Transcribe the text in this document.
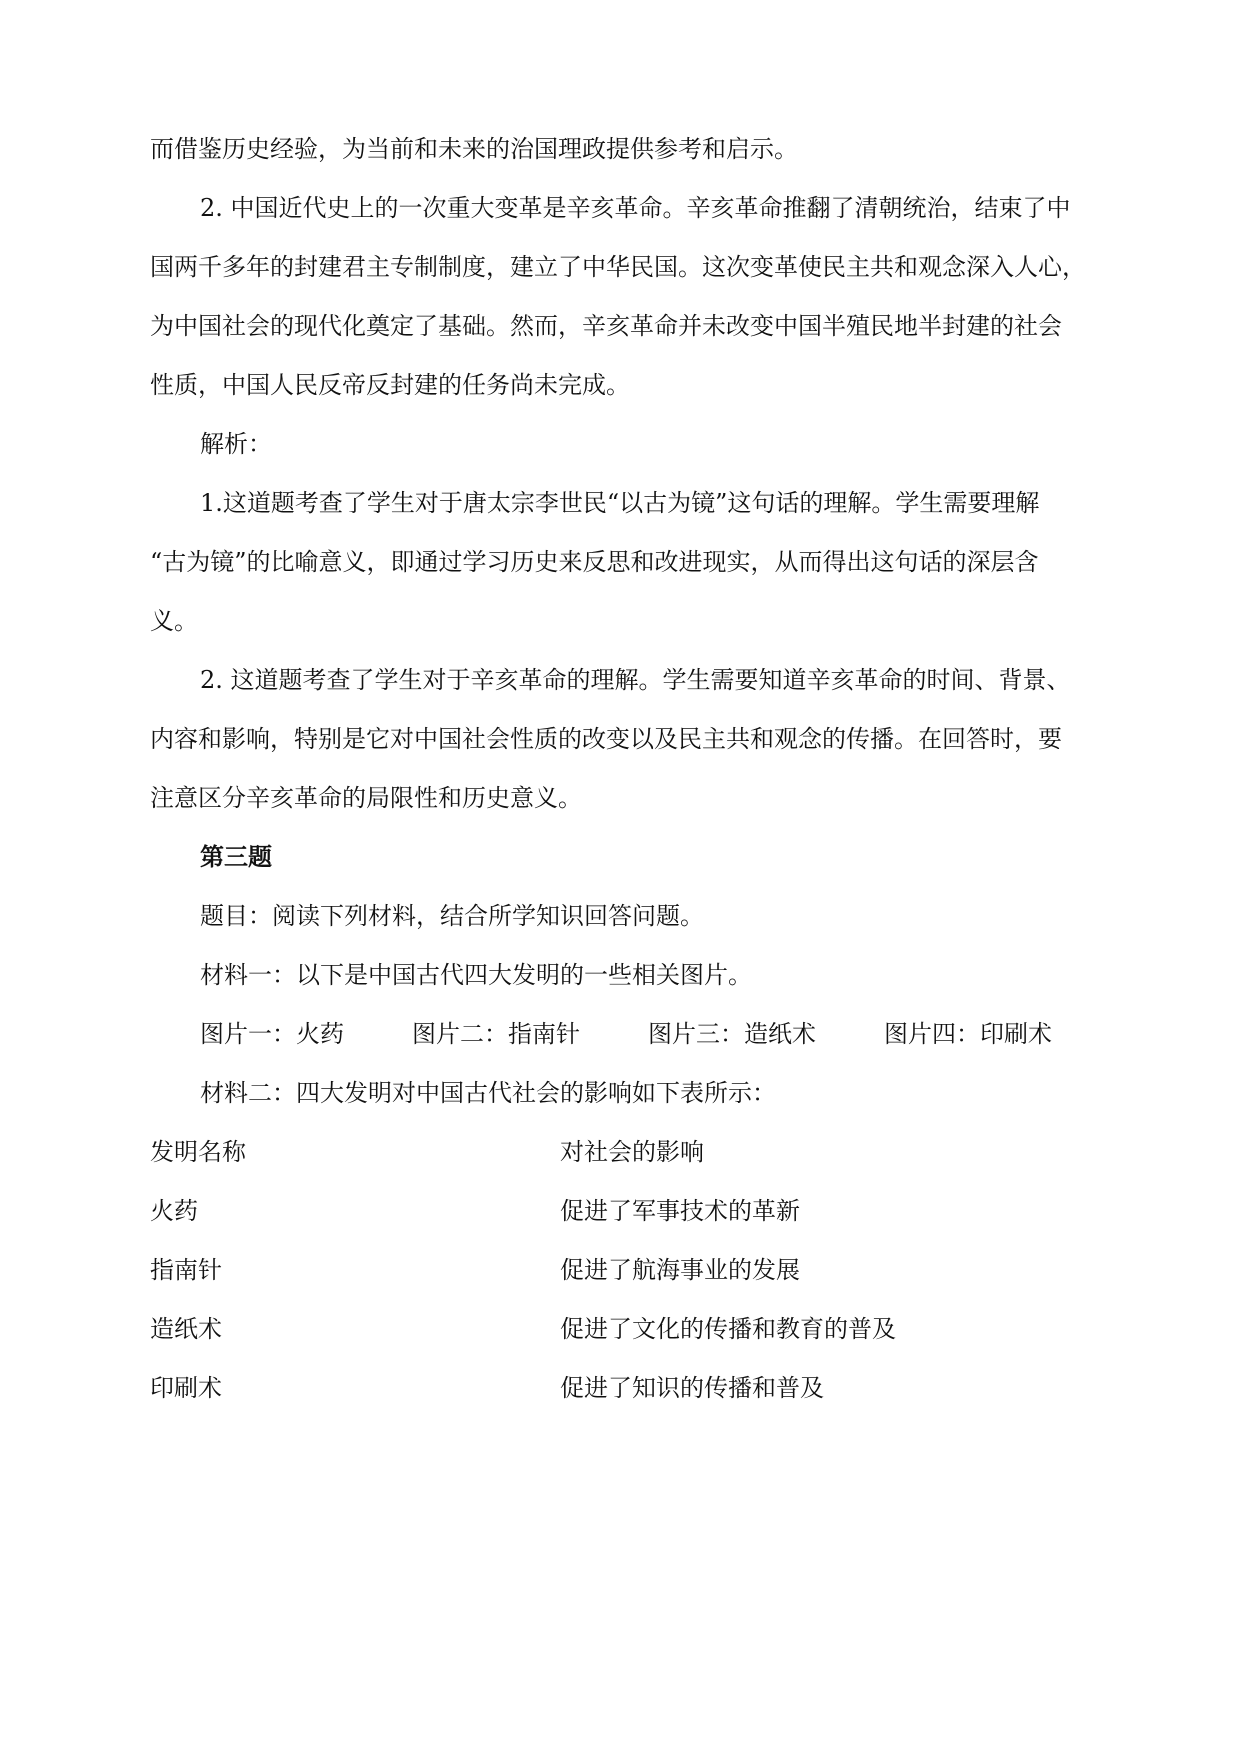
而借鉴历史经验，为当前和未来的治国理政提供参考和启示。
2. 中国近代史上的一次重大变革是辛亥革命。辛亥革命推翻了清朝统治，结束了中
国两千多年的封建君主专制制度，建立了中华民国。这次变革使民主共和观念深入人心，
为中国社会的现代化奠定了基础。然而，辛亥革命并未改变中国半殖民地半封建的社会
性质，中国人民反帝反封建的任务尚未完成。
解析：
1.这道题考查了学生对于唐太宗李世民“以古为镜”这句话的理解。学生需要理解
“古为镜”的比喻意义，即通过学习历史来反思和改进现实，从而得出这句话的深层含
义。
2. 这道题考查了学生对于辛亥革命的理解。学生需要知道辛亥革命的时间、背景、
内容和影响，特别是它对中国社会性质的改变以及民主共和观念的传播。在回答时，要
注意区分辛亥革命的局限性和历史意义。
第三题
题目：阅读下列材料，结合所学知识回答问题。
材料一：以下是中国古代四大发明的一些相关图片。
图片一：火药	图片二：指南针	图片三：造纸术	图片四：印刷术
材料二：四大发明对中国古代社会的影响如下表所示：
发明名称	对社会的影响
火药	促进了军事技术的革新
指南针	促进了航海事业的发展
造纸术	促进了文化的传播和教育的普及
印刷术	促进了知识的传播和普及
